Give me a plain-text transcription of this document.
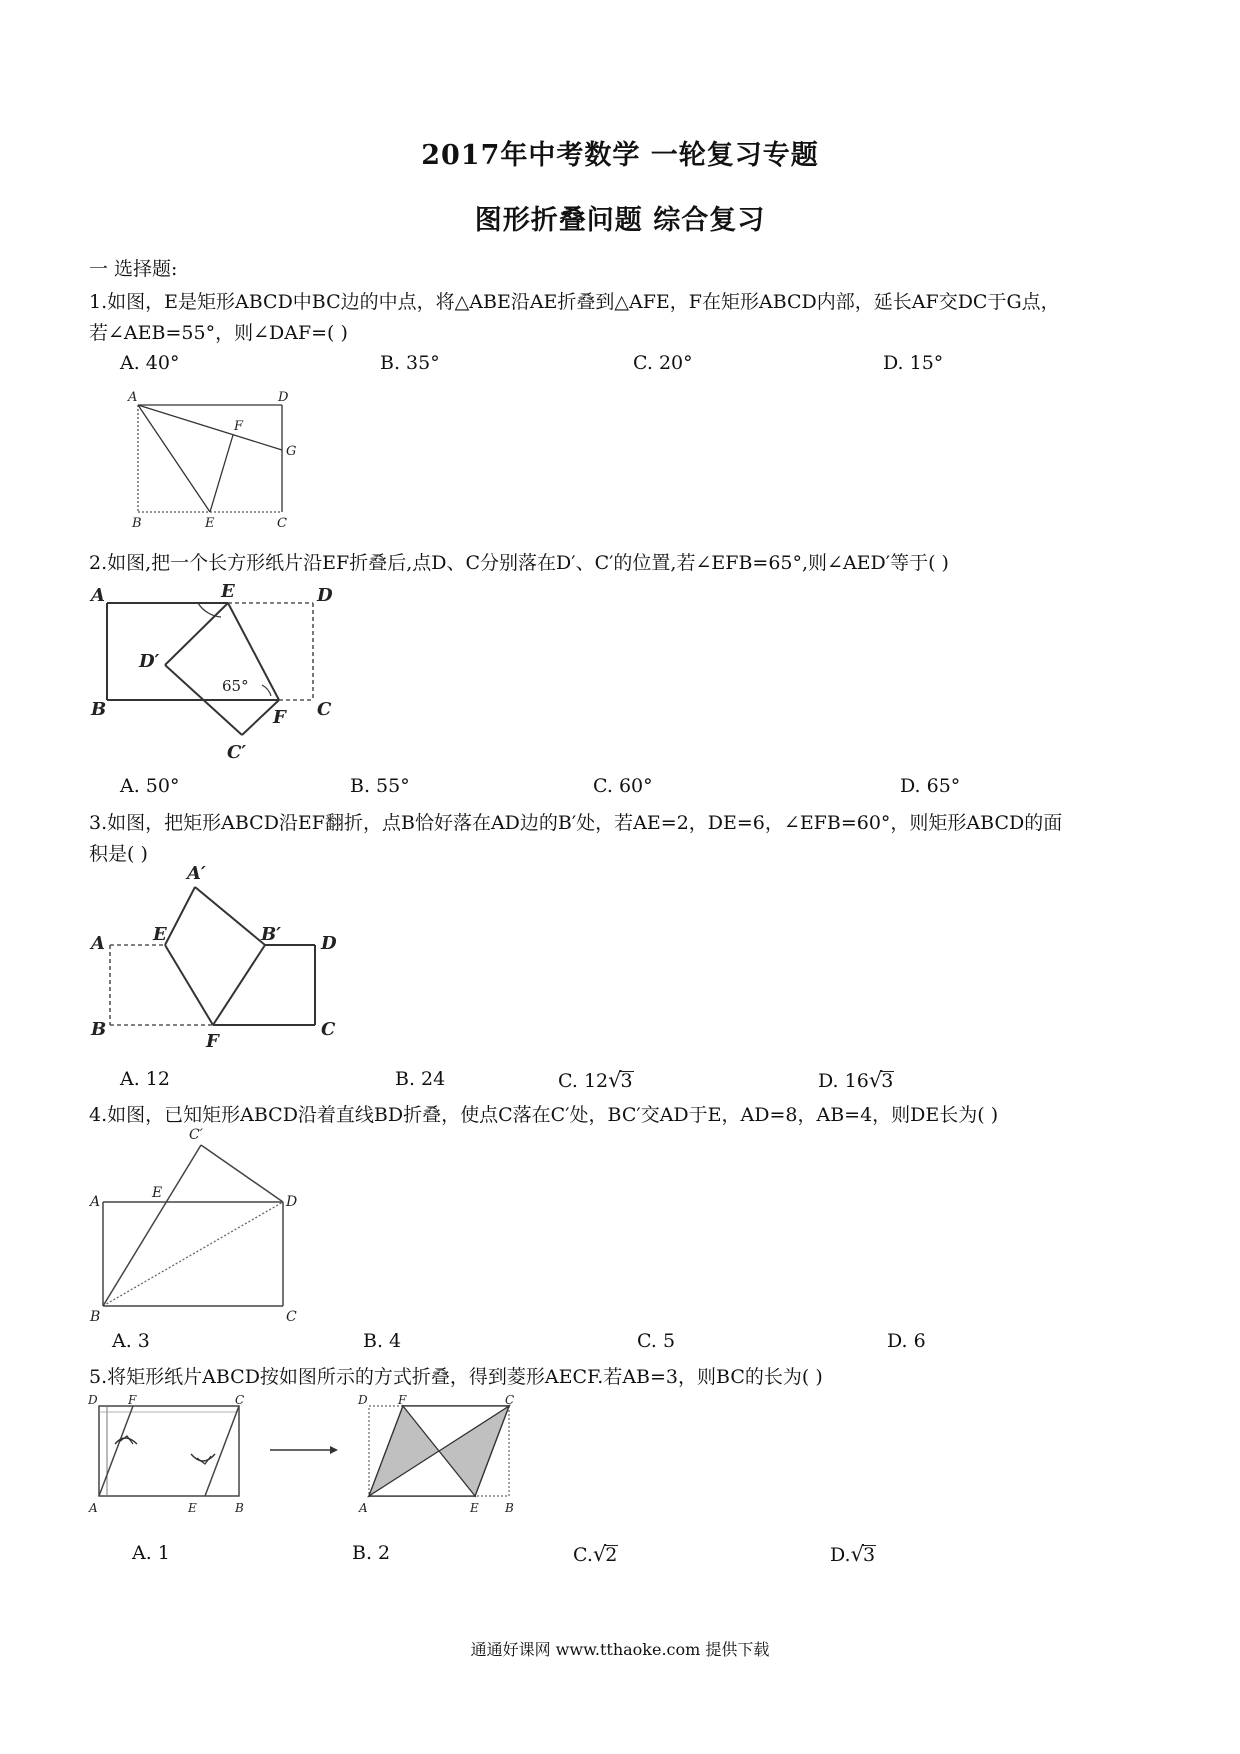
2017年中考数学 一轮复习专题
图形折叠问题 综合复习
一 选择题:
1.如图，E是矩形ABCD中BC边的中点，将△ABE沿AE折叠到△AFE，F在矩形ABCD内部，延长AF交DC于G点，
若∠AEB=55°，则∠DAF=( )
A. 40°	B. 35°	C. 20°	D. 15°
A	D
F
G
B	E	C
2.如图,把一个长方形纸片沿EF折叠后,点D、C分别落在D′、C′的位置,若∠EFB=65°,则∠AED′等于( )
A	E	D
D′
65°
B	F C
C′
A. 50°	B. 55°	C. 60°	D. 65°
3.如图，把矩形ABCD沿EF翻折，点B恰好落在AD边的B′处，若AE=2，DE=6，∠EFB=60°，则矩形ABCD的面
积是( )
A′
A	E	B′ D
B
F
C
A. 12	B. 24	C. 12√3	D. 16√3
4.如图，已知矩形ABCD沿着直线BD折叠，使点C落在C′处，BC′交AD于E，AD=8，AB=4，则DE长为( )
C′
E
A	D
B	C
A. 3	B. 4	C. 5	D. 6
5.将矩形纸片ABCD按如图所示的方式折叠，得到菱形AECF.若AB=3，则BC的长为( )
D	F	C
A	E	B
D	F	C
A	E B
A. 1	B. 2	C.√2	D.√3
通通好课网 www.tthaoke.com 提供下载
